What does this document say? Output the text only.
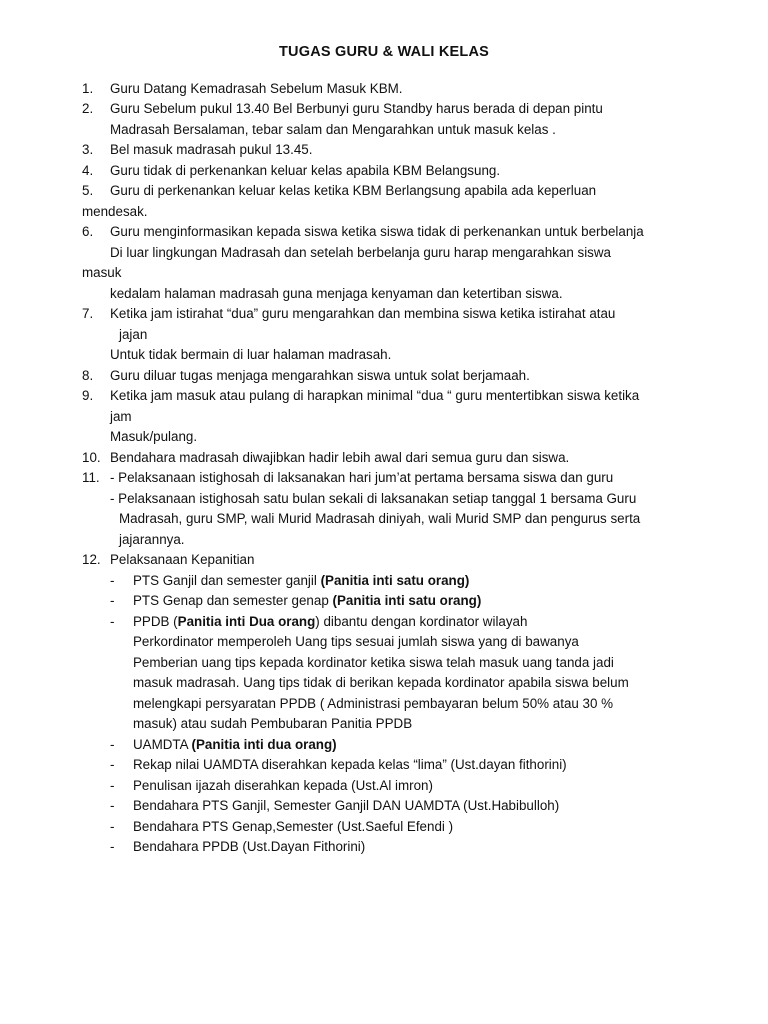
TUGAS GURU & WALI KELAS
1. Guru Datang Kemadrasah Sebelum Masuk KBM.
2. Guru Sebelum pukul 13.40 Bel Berbunyi guru Standby harus berada di depan pintu
Madrasah Bersalaman, tebar salam dan Mengarahkan untuk masuk kelas .
3. Bel masuk madrasah pukul 13.45.
4. Guru tidak di perkenankan keluar kelas apabila KBM Belangsung.
5. Guru di perkenankan keluar kelas ketika KBM Berlangsung apabila ada keperluan
mendesak.
6. Guru menginformasikan kepada siswa ketika siswa tidak di perkenankan untuk berbelanja
Di luar lingkungan Madrasah dan setelah berbelanja guru harap mengarahkan siswa
masuk
kedalam halaman madrasah guna menjaga kenyaman dan ketertiban siswa.
7. Ketika jam istirahat “dua” guru mengarahkan dan membina siswa ketika istirahat atau
jajan
Untuk tidak bermain di luar halaman madrasah.
8. Guru diluar tugas menjaga mengarahkan siswa untuk solat berjamaah.
9. Ketika jam masuk atau pulang di harapkan minimal “dua “ guru mentertibkan siswa ketika
jam
Masuk/pulang.
10. Bendahara madrasah diwajibkan hadir lebih awal dari semua guru dan siswa.
11. - Pelaksanaan istighosah di laksanakan hari jum’at pertama bersama siswa dan guru
- Pelaksanaan istighosah satu bulan sekali di laksanakan setiap tanggal 1 bersama Guru
Madrasah, guru SMP, wali Murid Madrasah diniyah, wali Murid SMP dan pengurus serta
jajarannya.
12. Pelaksanaan Kepanitian
- PTS Ganjil dan semester ganjil (Panitia inti satu orang)
- PTS Genap dan semester genap (Panitia inti satu orang)
- PPDB (Panitia inti Dua orang) dibantu dengan kordinator wilayah
Perkordinator memperoleh Uang tips sesuai jumlah siswa yang di bawanya
Pemberian uang tips kepada kordinator ketika siswa telah masuk uang tanda jadi
masuk madrasah. Uang tips tidak di berikan kepada kordinator apabila siswa belum
melengkapi persyaratan PPDB ( Administrasi pembayaran belum 50% atau 30 %
masuk) atau sudah Pembubaran Panitia PPDB
- UAMDTA (Panitia inti dua orang)
- Rekap nilai UAMDTA diserahkan kepada kelas “lima” (Ust.dayan fithorini)
- Penulisan ijazah diserahkan kepada (Ust.Al imron)
- Bendahara PTS Ganjil, Semester Ganjil DAN UAMDTA (Ust.Habibulloh)
- Bendahara PTS Genap,Semester (Ust.Saeful Efendi )
- Bendahara PPDB (Ust.Dayan Fithorini)
